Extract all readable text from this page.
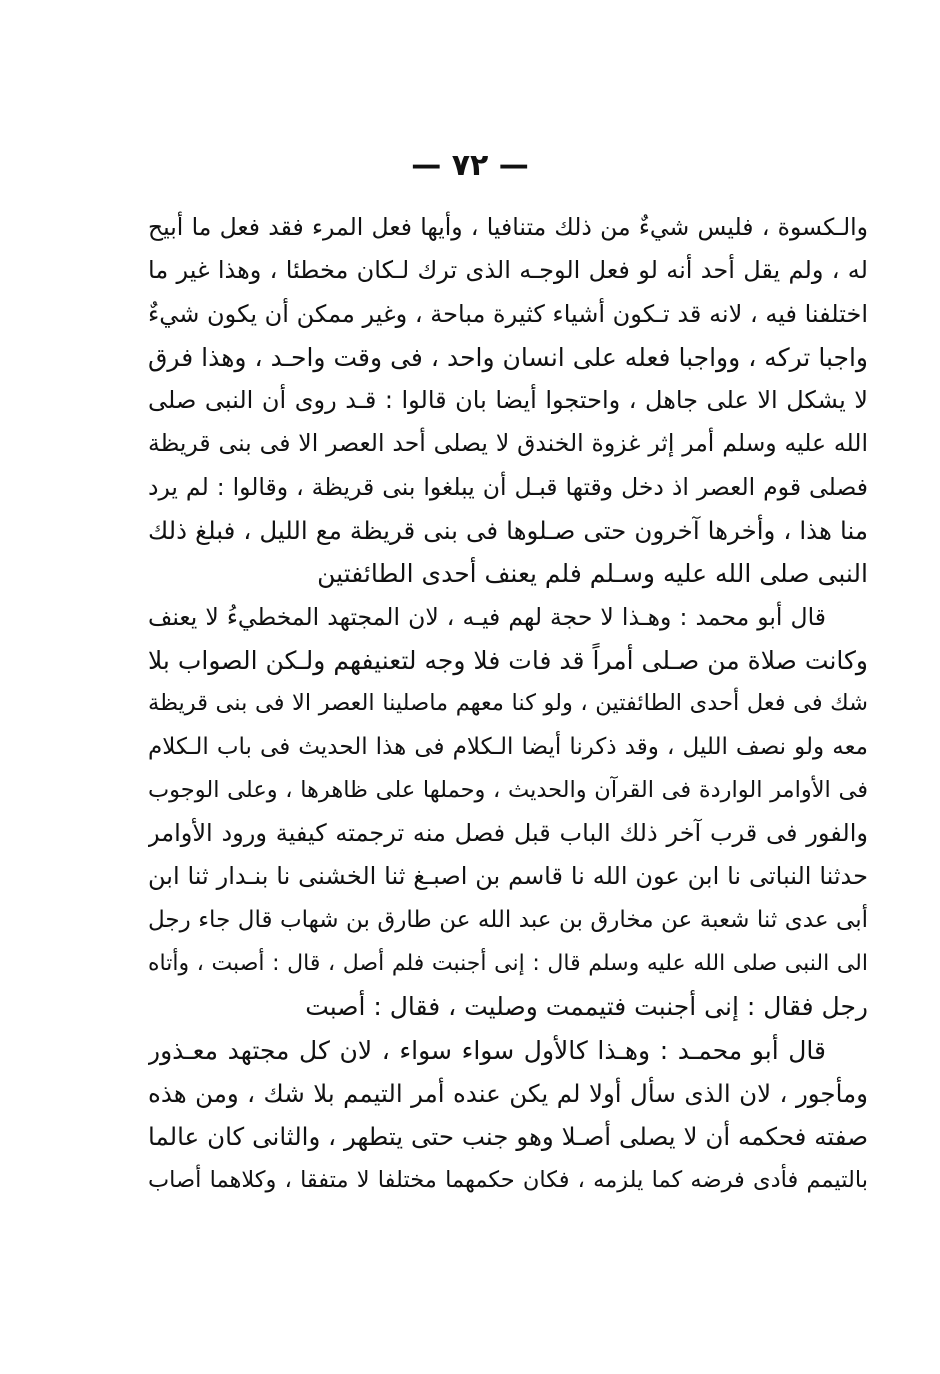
— ٧٢ —
والـكسوة ، فليس شيءٌ من ذلك متنافيا ، وأيها فعل المرء فقد فعل ما أبيح
له ، ولم يقل أحد أنه لو فعل الوجـه الذى ترك لـكان مخطئا ، وهذا غير ما
اختلفنا فيه ، لانه قد تـكون أشياء كثيرة مباحة ، وغير ممكن أن يكون شيءٌ
واجبا تركه ، وواجبا فعله على انسان واحد ، فى وقت واحـد ، وهذا فرق
لا يشكل الا على جاهل ، واحتجوا أيضا بان قالوا : قـد روى أن النبى صلى
الله عليه وسلم أمر إثر غزوة الخندق لا يصلى أحد العصر الا فى بنى قريظة
فصلى قوم العصر اذ دخل وقتها قبـل أن يبلغوا بنى قريظة ، وقالوا : لم يرد
منا هذا ، وأخرها آخرون حتى صـلوها فى بنى قريظة مع الليل ، فبلغ ذلك
النبى صلى الله عليه وسـلم فلم يعنف أحدى الطائفتين
قال أبو محمد : وهـذا لا حجة لهم فيـه ، لان المجتهد المخطيءُ لا يعنف
وكانت صلاة من صـلى أمراً قد فات فلا وجه لتعنيفهم ولـكن الصواب بلا
شك فى فعل أحدى الطائفتين ، ولو كنا معهم ماصلينا العصر الا فى بنى قريظة
معه ولو نصف الليل ، وقد ذكرنا أيضا الـكلام فى هذا الحديث فى باب الـكلام
فى الأوامر الواردة فى القرآن والحديث ، وحملها على ظاهرها ، وعلى الوجوب
والفور فى قرب آخر ذلك الباب قبل فصل منه ترجمته كيفية ورود الأوامر
حدثنا النباتى نا ابن عون الله نا قاسم بن اصبـغ ثنا الخشنى نا بنـدار ثنا ابن
أبى عدى ثنا شعبة عن مخارق بن عبد الله عن طارق بن شهاب قال جاء رجل
الى النبى صلى الله عليه وسلم قال : إنى أجنبت فلم أصل ، قال : أصبت ، وأتاه
رجل فقال : إنى أجنبت فتيممت وصليت ، فقال : أصبت
قال أبو محمـد : وهـذا كالأول سواء سواء ، لان كل مجتهد معـذور
ومأجور ، لان الذى سأل أولا لم يكن عنده أمر التيمم بلا شك ، ومن هذه
صفته فحكمه أن لا يصلى أصـلا وهو جنب حتى يتطهر ، والثانى كان عالما
بالتيمم فأدى فرضه كما يلزمه ، فكان حكمهما مختلفا لا متفقا ، وكلاهما أصاب
